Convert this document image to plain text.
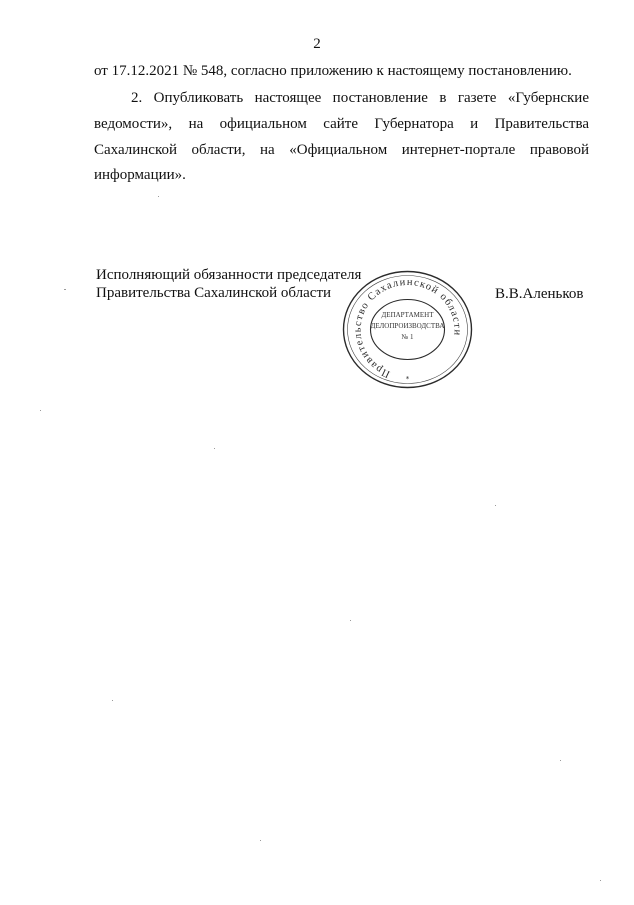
2
от 17.12.2021 № 548, согласно приложению к настоящему постановлению.
2. Опубликовать настоящее постановление в газете «Губернские
ведомости», на официальном сайте Губернатора и Правительства
Сахалинской области, на «Официальном интернет-портале правовой
информации».
Исполняющий обязанности председателя
Правительства Сахалинской области	В.В.Аленьков
Правительство Сахалинской области
ДЕПАРТАМЕНТ
ДЕЛОПРОИЗВОДСТВА
№ 1
*
